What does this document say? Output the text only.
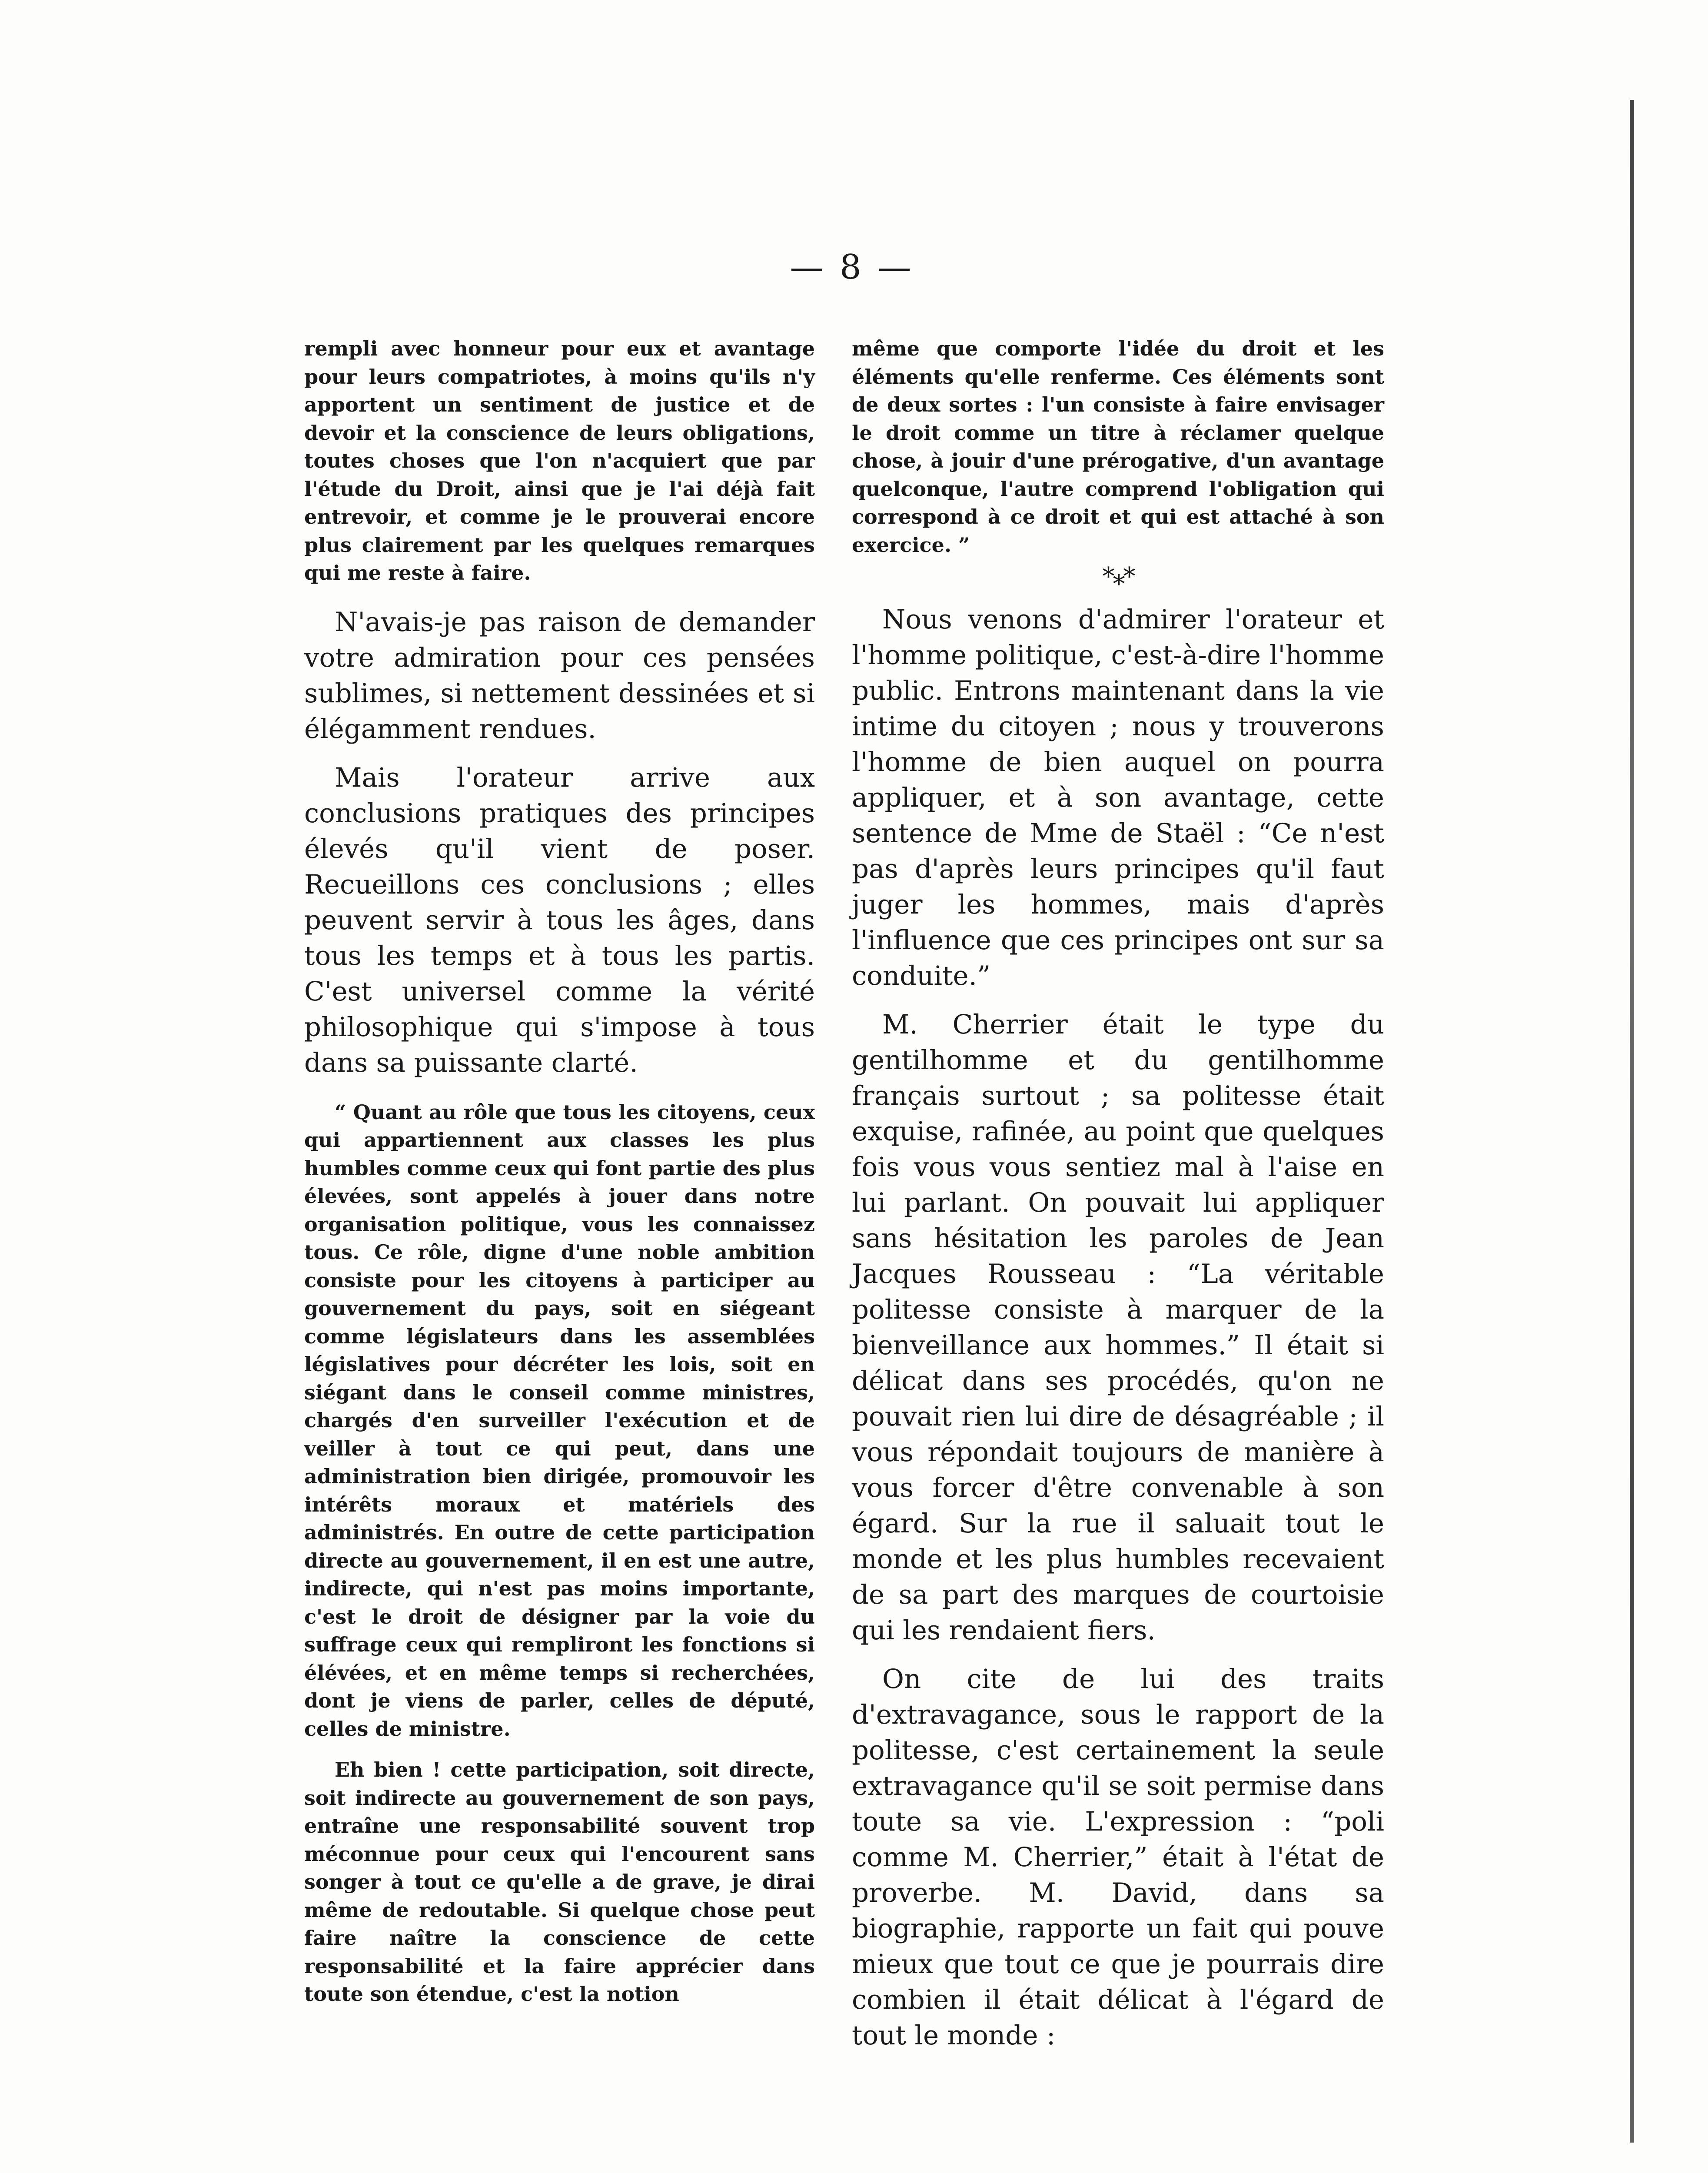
— 8 —

rempli avec honneur pour eux et avantage pour leurs compatriotes, à moins qu'ils n'y apportent un sentiment de justice et de devoir et la conscience de leurs obligations, toutes choses que l'on n'acquiert que par l'étude du Droit, ainsi que je l'ai déjà fait entrevoir, et comme je le prouverai encore plus clairement par les quelques remarques qui me reste à faire.

N'avais-je pas raison de demander votre admiration pour ces pensées sublimes, si nettement dessinées et si élégamment rendues.

Mais l'orateur arrive aux conclusions pratiques des principes élevés qu'il vient de poser. Recueillons ces conclusions ; elles peuvent servir à tous les âges, dans tous les temps et à tous les partis. C'est universel comme la vérité philosophique qui s'impose à tous dans sa puissante clarté.

“ Quant au rôle que tous les citoyens, ceux qui appartiennent aux classes les plus humbles comme ceux qui font partie des plus élevées, sont appelés à jouer dans notre organisation politique, vous les connaissez tous. Ce rôle, digne d'une noble ambition consiste pour les citoyens à participer au gouvernement du pays, soit en siégeant comme législateurs dans les assemblées législatives pour décréter les lois, soit en siégant dans le conseil comme ministres, chargés d'en surveiller l'exécution et de veiller à tout ce qui peut, dans une administration bien dirigée, promouvoir les intérêts moraux et matériels des administrés. En outre de cette participation directe au gouvernement, il en est une autre, indirecte, qui n'est pas moins importante, c'est le droit de désigner par la voie du suffrage ceux qui rempliront les fonctions si élévées, et en même temps si recherchées, dont je viens de parler, celles de député, celles de ministre.

Eh bien ! cette participation, soit directe, soit indirecte au gouvernement de son pays, entraîne une responsabilité souvent trop méconnue pour ceux qui l'encourent sans songer à tout ce qu'elle a de grave, je dirai même de redoutable. Si quelque chose peut faire naître la conscience de cette responsabilité et la faire apprécier dans toute son étendue, c'est la notion

même que comporte l'idée du droit et les éléments qu'elle renferme. Ces éléments sont de deux sortes : l'un consiste à faire envisager le droit comme un titre à réclamer quelque chose, à jouir d'une prérogative, d'un avantage quelconque, l'autre comprend l'obligation qui correspond à ce droit et qui est attaché à son exercice. ”

*⁎*

Nous venons d'admirer l'orateur et l'homme politique, c'est-à-dire l'homme public. Entrons maintenant dans la vie intime du citoyen ; nous y trouverons l'homme de bien auquel on pourra appliquer, et à son avantage, cette sentence de Mme de Staël : “Ce n'est pas d'après leurs principes qu'il faut juger les hommes, mais d'après l'influence que ces principes ont sur sa conduite.”

M. Cherrier était le type du gentilhomme et du gentilhomme français surtout ; sa politesse était exquise, rafinée, au point que quelques fois vous vous sentiez mal à l'aise en lui parlant. On pouvait lui appliquer sans hésitation les paroles de Jean Jacques Rousseau : “La véritable politesse consiste à marquer de la bienveillance aux hommes.” Il était si délicat dans ses procédés, qu'on ne pouvait rien lui dire de désagréable ; il vous répondait toujours de manière à vous forcer d'être convenable à son égard. Sur la rue il saluait tout le monde et les plus humbles recevaient de sa part des marques de courtoisie qui les rendaient fiers.

On cite de lui des traits d'extravagance, sous le rapport de la politesse, c'est certainement la seule extravagance qu'il se soit permise dans toute sa vie. L'expression : “poli comme M. Cherrier,” était à l'état de proverbe. M. David, dans sa biographie, rapporte un fait qui pouve mieux que tout ce que je pourrais dire combien il était délicat à l'égard de tout le monde :
